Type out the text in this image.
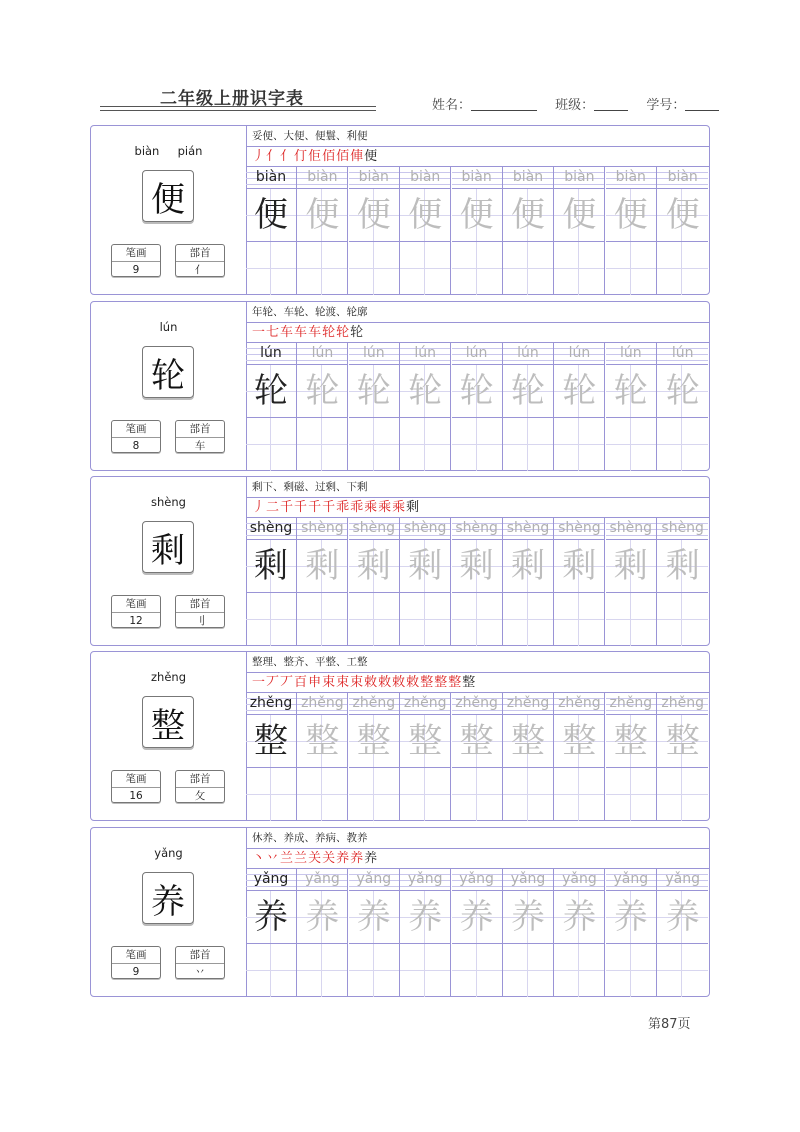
二年级上册识字表	姓名：	班级：	学号：
biàn     pián
便
笔画
9
部首
亻
妥便、大便、便鬟、利便
丿亻亻仃佢佰佰俥便
biàn
便
biàn
便
biàn
便
biàn
便
biàn
便
biàn
便
biàn
便
biàn
便
biàn
便
lún
轮
笔画
8
部首
车
年轮、车轮、轮渡、轮廓
一七车车车轮轮轮
lún
轮
lún
轮
lún
轮
lún
轮
lún
轮
lún
轮
lún
轮
lún
轮
lún
轮
shèng
剩
笔画
12
部首
刂
剩下、剩磁、过剩、下剩
丿二千千千千乖乖乘乘乘剩
shèng
剩
shèng
剩
shèng
剩
shèng
剩
shèng
剩
shèng
剩
shèng
剩
shèng
剩
shèng
剩
zhěng
整
笔画
16
部首
攵
整理、整齐、平整、工整
一丆丆百申束束束敕敕敕敕整整整整
zhěng
整
zhěng
整
zhěng
整
zhěng
整
zhěng
整
zhěng
整
zhěng
整
zhěng
整
zhěng
整
yǎng
养
笔画
9
部首
丷
休养、养成、养病、教养
丶丷兰兰关关养养养
yǎng
养
yǎng
养
yǎng
养
yǎng
养
yǎng
养
yǎng
养
yǎng
养
yǎng
养
yǎng
养
第87页
